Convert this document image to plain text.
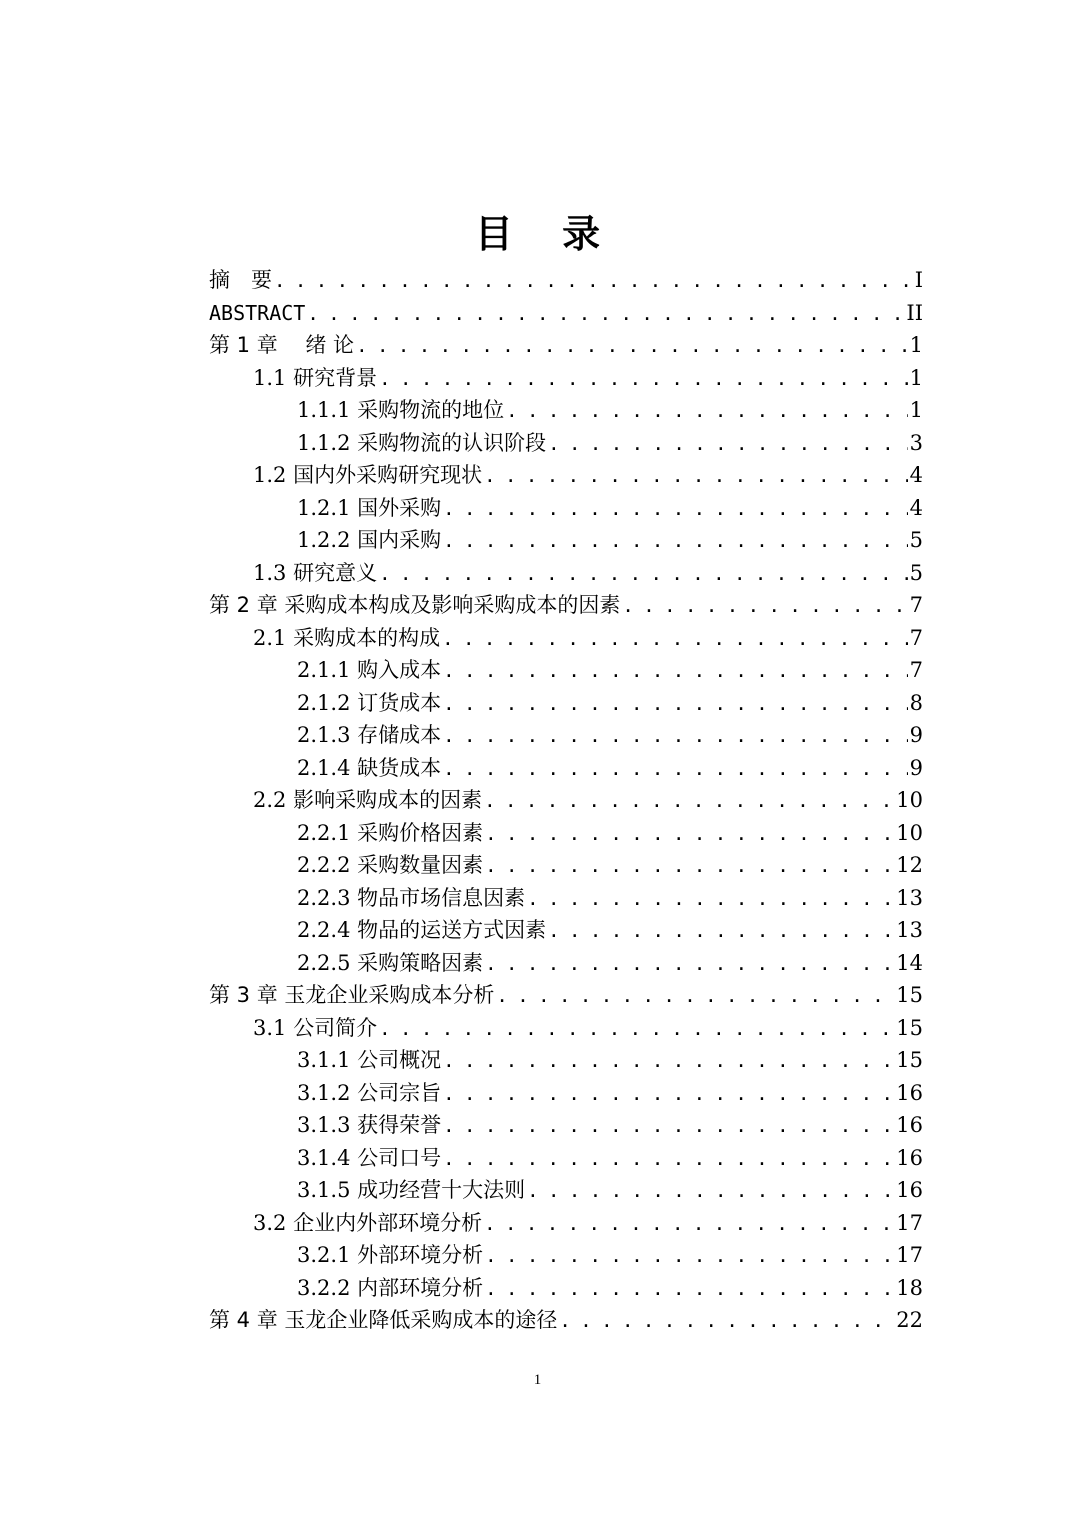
目 录
摘　要 . . .	I
ABSTRACT . . .	II
第 1 章　 绪 论 . . .	1
1.1 研究背景 . . .	1
1.1.1 采购物流的地位 . . .	1
1.1.2 采购物流的认识阶段 . . .	3
1.2 国内外采购研究现状 . . .	4
1.2.1 国外采购 . . .	4
1.2.2 国内采购 . . .	5
1.3 研究意义 . . .	5
第 2 章 采购成本构成及影响采购成本的因素 . . .	7
2.1 采购成本的构成 . . .	7
2.1.1 购入成本 . . .	7
2.1.2 订货成本 . . .	8
2.1.3 存储成本 . . .	9
2.1.4 缺货成本 . . .	9
2.2 影响采购成本的因素 . . .	10
2.2.1 采购价格因素 . . .	10
2.2.2 采购数量因素 . . .	12
2.2.3 物品市场信息因素 . . .	13
2.2.4 物品的运送方式因素 . . .	13
2.2.5 采购策略因素 . . .	14
第 3 章 玉龙企业采购成本分析 . . .	15
3.1 公司简介 . . .	15
3.1.1 公司概况 . . .	15
3.1.2 公司宗旨 . . .	16
3.1.3 获得荣誉 . . .	16
3.1.4 公司口号 . . .	16
3.1.5 成功经营十大法则 . . .	16
3.2 企业内外部环境分析 . . .	17
3.2.1 外部环境分析 . . .	17
3.2.2 内部环境分析 . . .	18
第 4 章 玉龙企业降低采购成本的途径 . . .	22
1
